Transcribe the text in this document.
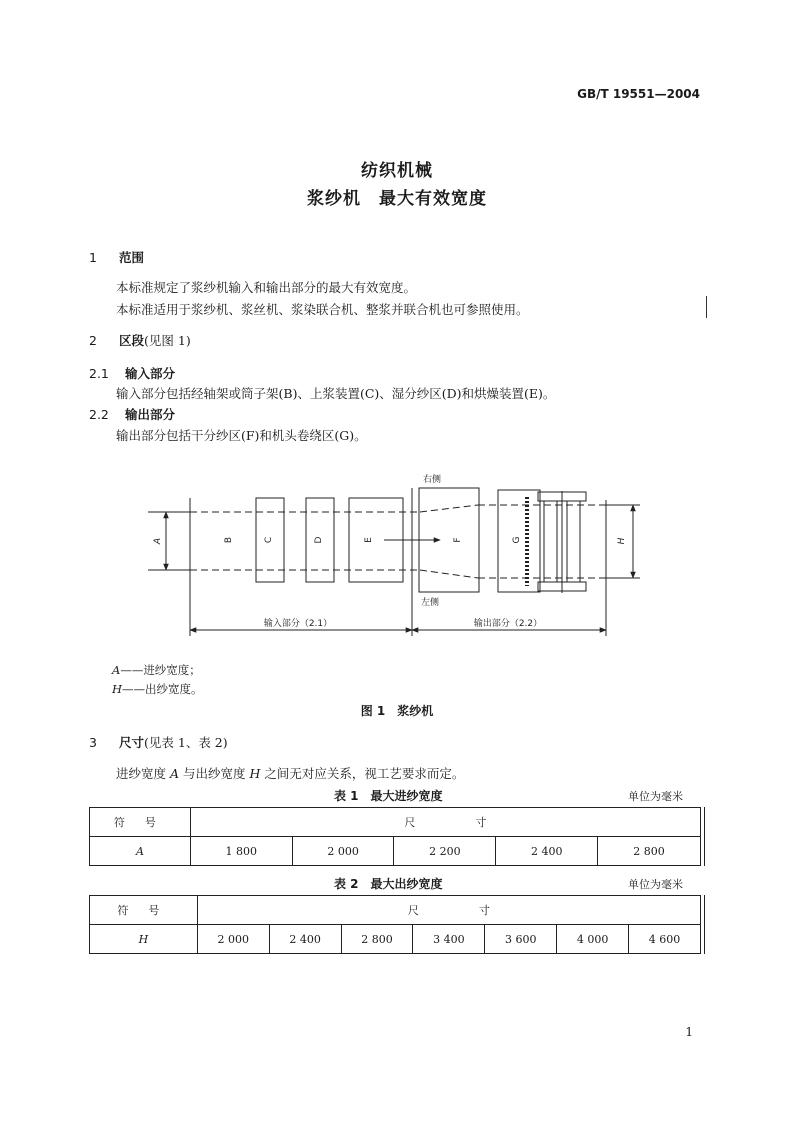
GB/T 19551—2004
纺织机械
浆纱机　最大有效宽度
1 范围
本标准规定了浆纱机输入和输出部分的最大有效宽度。
本标准适用于浆纱机、浆丝机、浆染联合机、整浆并联合机也可参照使用。
2 区段(见图 1)
2.1 输入部分
输入部分包括经轴架或筒子架(B)、上浆装置(C)、湿分纱区(D)和烘燥装置(E)。
2.2 输出部分
输出部分包括干分纱区(F)和机头卷绕区(G)。
A	B	C	D	E	F	G	H
右侧
左侧
输入部分（2.1）	输出部分（2.2）
A——进纱宽度；
H——出纱宽度。
图 1　浆纱机
3 尺寸(见表 1、表 2)
进纱宽度 A 与出纱宽度 H 之间无对应关系，视工艺要求而定。
表 1　最大进纱宽度	单位为毫米
符号	尺寸				
A	1 800	2 000	2 200	2 400	2 800
表 2　最大出纱宽度	单位为毫米
符号	尺寸						
H	2 000	2 400	2 800	3 400	3 600	4 000	4 600
1
